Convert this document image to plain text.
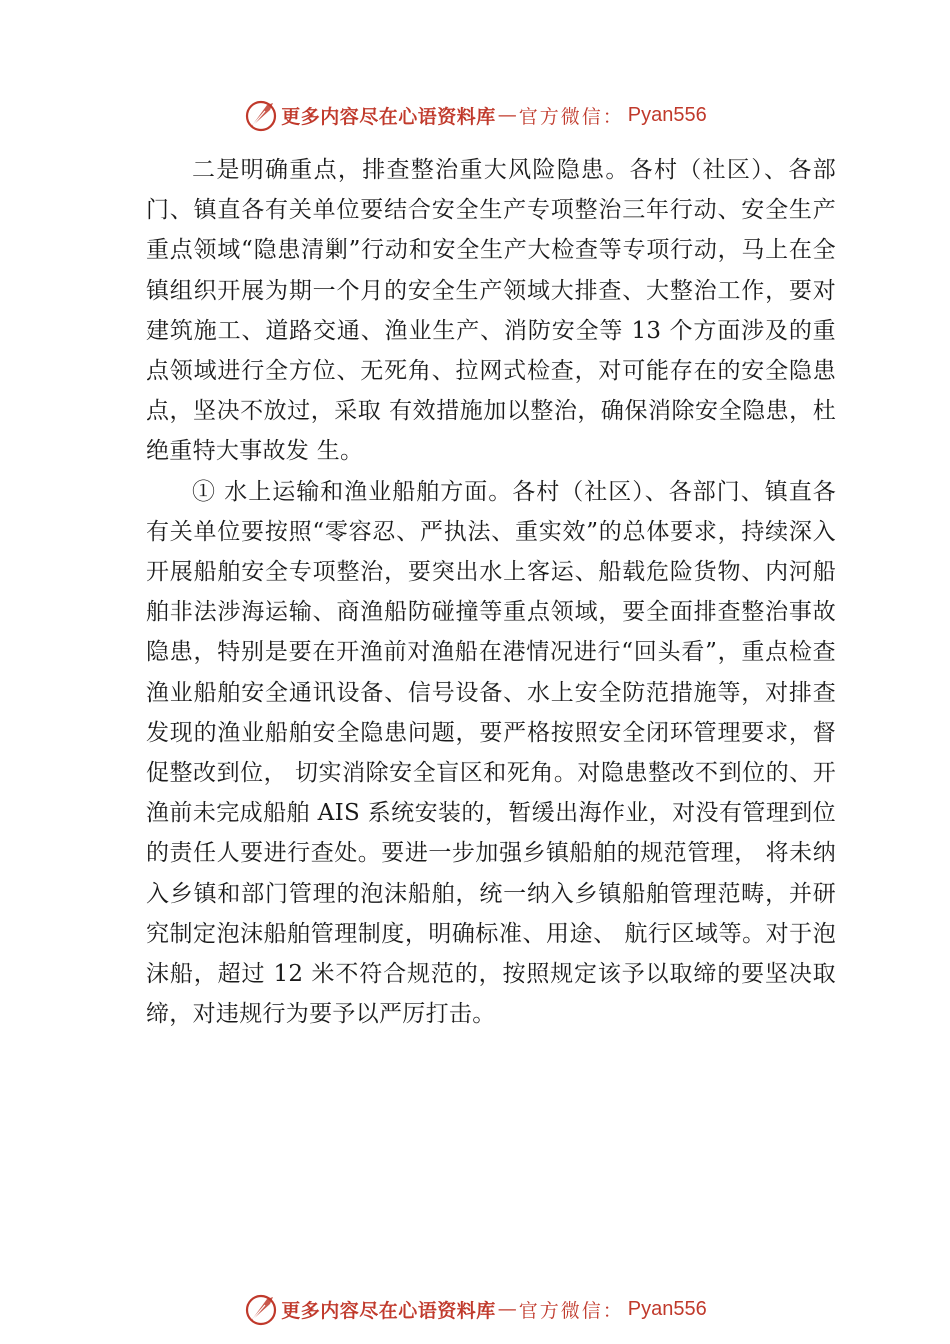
更多内容尽在心语资料库 — 官方微信： Pyan556

二是明确重点，排查整治重大风险隐患。各村（社区）、各部门、镇直各有关单位要结合安全生产专项整治三年行动、安全生产重点领域“隐患清剿”行动和安全生产大检查等专项行动，马上在全镇组织开展为期一个月的安全生产领域大排查、大整治工作，要对建筑施工、道路交通、渔业生产、消防安全等 13 个方面涉及的重点领域进行全方位、无死角、拉网式检查，对可能存在的安全隐患点，坚决不放过，采取 有效措施加以整治，确保消除安全隐患，杜绝重特大事故发 生。

① 水上运输和渔业船舶方面。各村（社区）、各部门、镇直各有关单位要按照“零容忍、严执法、重实效”的总体要求，持续深入开展船舶安全专项整治，要突出水上客运、船载危险货物、内河船舶非法涉海运输、商渔船防碰撞等重点领域，要全面排查整治事故隐患，特别是要在开渔前对渔船在港情况进行“回头看”，重点检查渔业船舶安全通讯设备、信号设备、水上安全防范措施等，对排查发现的渔业船舶安全隐患问题，要严格按照安全闭环管理要求，督促整改到位， 切实消除安全盲区和死角。对隐患整改不到位的、开渔前未完成船舶 AIS 系统安装的，暂缓出海作业，对没有管理到位的责任人要进行查处。要进一步加强乡镇船舶的规范管理， 将未纳入乡镇和部门管理的泡沫船舶，统一纳入乡镇船舶管理范畴，并研究制定泡沫船舶管理制度，明确标准、用途、 航行区域等。对于泡沫船，超过 12 米不符合规范的，按照规定该予以取缔的要坚决取缔，对违规行为要予以严厉打击。

更多内容尽在心语资料库 — 官方微信： Pyan556
